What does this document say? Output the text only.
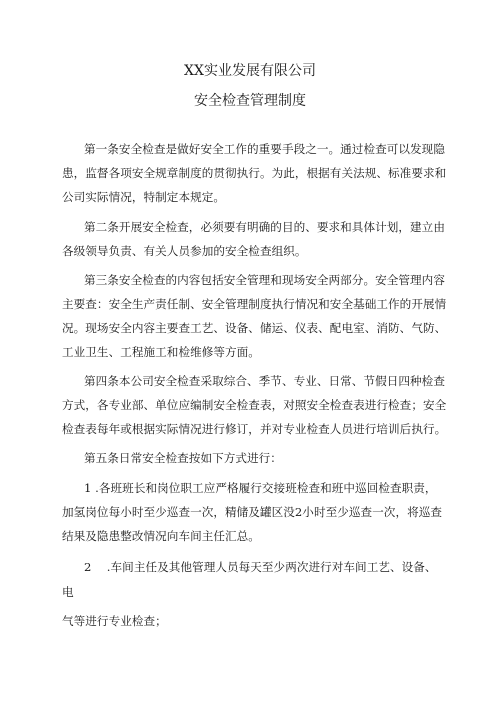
XX实业发展有限公司
安全检查管理制度
第一条安全检查是做好安全工作的重要手段之一。通过检查可以发现隐
患，监督各项安全规章制度的贯彻执行。为此，根据有关法规、标准要求和
公司实际情况，特制定本规定。
第二条开展安全检查，必须要有明确的目的、要求和具体计划，建立由
各级领导负责、有关人员参加的安全检查组织。
第三条安全检查的内容包括安全管理和现场安全两部分。安全管理内容
主要查：安全生产责任制、安全管理制度执行情况和安全基础工作的开展情
况。现场安全内容主要查工艺、设备、储运、仪表、配电室、消防、气防、
工业卫生、工程施工和检维修等方面。
第四条本公司安全检查采取综合、季节、专业、日常、节假日四种检查
方式，各专业部、单位应编制安全检查表，对照安全检查表进行检查；安全
检查表每年或根据实际情况进行修订，并对专业检查人员进行培训后执行。
第五条日常安全检查按如下方式进行：
1 .各班班长和岗位职工应严格履行交接班检查和班中巡回检查职责，
加氢岗位每小时至少巡查一次，精储及罐区没2小时至少巡查一次，将巡查
结果及隐患整改情况向车间主任汇总。
2 　.车间主任及其他管理人员每天至少两次进行对车间工艺、设备、
电
气等进行专业检查；
